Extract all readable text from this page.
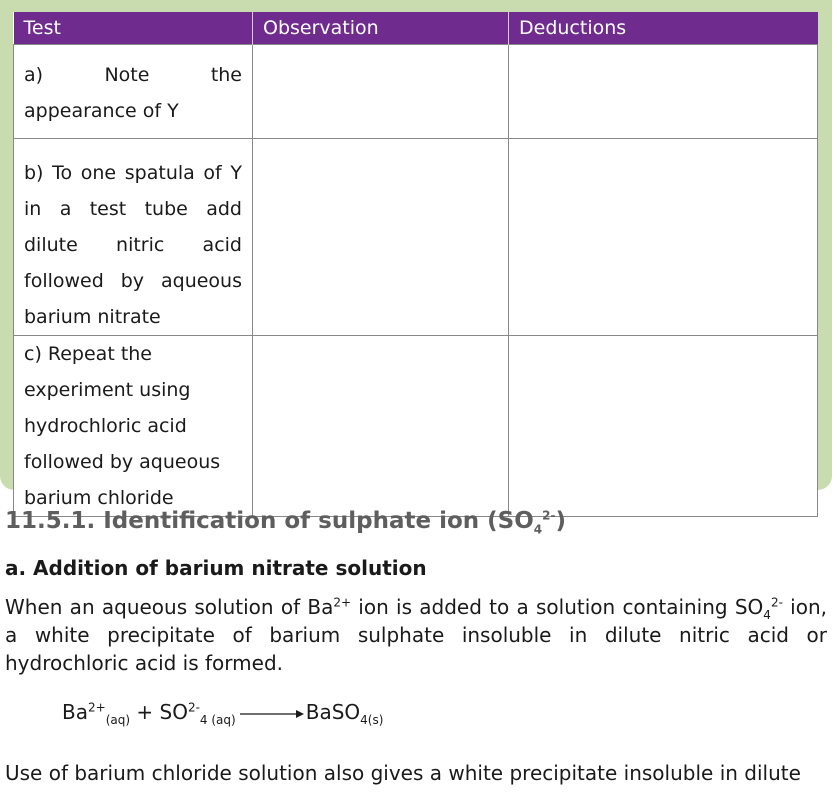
Test	Observation	Deductions
a) Note the appearance of Y		
b) To one spatula of Y in a test tube add dilute nitric acid followed by aqueous barium nitrate		
c) Repeat the experiment using hydrochloric acid followed by aqueous barium chloride		
11.5.1. Identification of sulphate ion $(SO_4^{2-})$
a. Addition of barium nitrate solution

When an aqueous solution of $Ba^{2+}$ ion is added to a solution containing $SO_4^{2-}$ ion, a white precipitate of barium sulphate insoluble in dilute nitric acid or hydrochloric acid is formed.

$Ba^{2+}_{(aq)} + SO^{2-}_{4 (aq)}$ → BaSO$_{4(s)}$

Use of barium chloride solution also gives a white precipitate insoluble in dilute
